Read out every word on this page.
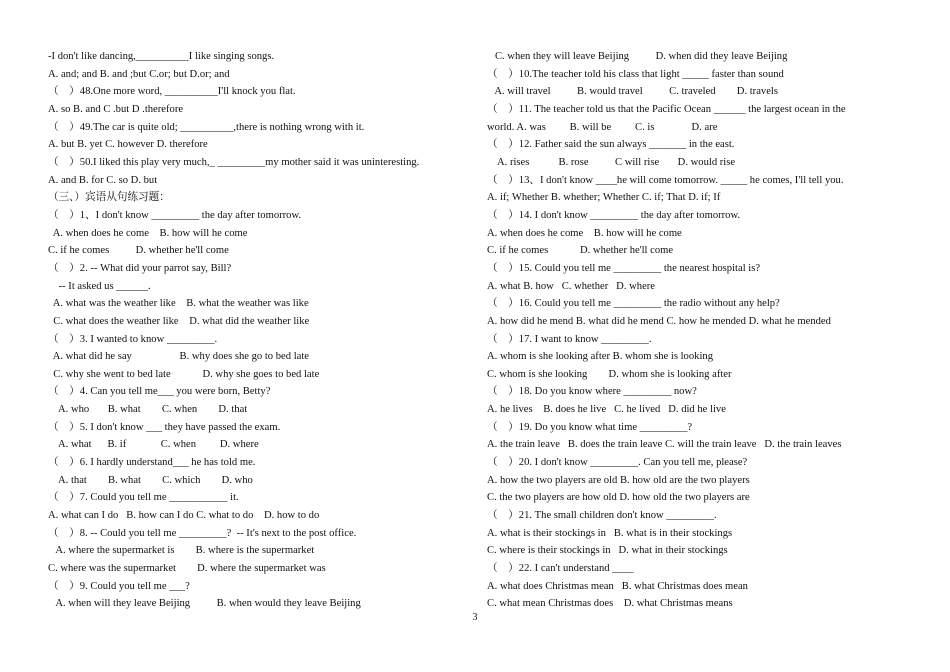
-I don't like dancing,__________I like singing songs.
A. and; and B. and ;but C.or; but D.or; and
（    ）48.One more word, __________I'll knock you flat.
A. so B. and C .but D .therefore
（    ）49.The car is quite old; __________,there is nothing wrong with it.
A. but B. yet C. however D. therefore
（    ）50.I liked this play very much,_ _________my mother said it was uninteresting.
A. and B. for C. so D. but
（三、）宾语从句练习题：
（    ）1、I don't know _________ the day after tomorrow.
A. when does he come    B. how will he come
C. if he comes          D. whether he'll come
（    ）2. -- What did your parrot say, Bill?
-- It asked us ______.
A. what was the weather like    B. what the weather was like
C. what does the weather like    D. what did the weather like
（    ）3. I wanted to know _________.
A. what did he say                  B. why does she go to bed late
C. why she went to bed late            D. why she goes to bed late
（    ）4. Can you tell me___ you were born, Betty?
A. who       B. what        C. when        D. that
（    ）5. I don't know ___ they have passed the exam.
A. what      B. if             C. when         D. where
（    ）6. I hardly understand___ he has told me.
A. that        B. what        C. which        D. who
（    ）7. Could you tell me ___________ it.
A. what can I do   B. how can I do C. what to do    D. how to do
（    ）8. -- Could you tell me _________?  -- It's next to the post office.
A. where the supermarket is        B. where is the supermarket
C. where was the supermarket        D. where the supermarket was
（    ）9. Could you tell me ___?
A. when will they leave Beijing          B. when would they leave Beijing
C. when they will leave Beijing          D. when did they leave Beijing
（    ）10.The teacher told his class that light _____ faster than sound
A. will travel          B. would travel          C. traveled        D. travels
（    ）11. The teacher told us that the Pacific Ocean ______ the largest ocean in the
world. A. was         B. will be         C. is              D. are
（    ）12. Father said the sun always _______ in the east.
A. rises           B. rose          C will rise       D. would rise
（    ）13、I don't know ____he will come tomorrow. _____ he comes, I'll tell you.
A. if; Whether B. whether; Whether C. if; That D. if; If
（    ）14. I don't know _________ the day after tomorrow.
A. when does he come    B. how will he come
C. if he comes            D. whether he'll come
（    ）15. Could you tell me _________ the nearest hospital is?
A. what B. how   C. whether   D. where
（    ）16. Could you tell me _________ the radio without any help?
A. how did he mend B. what did he mend C. how he mended D. what he mended
（    ）17. I want to know _________.
A. whom is she looking after B. whom she is looking
C. whom is she looking        D. whom she is looking after
（    ）18. Do you know where _________ now?
A. he lives    B. does he live   C. he lived   D. did he live
（    ）19. Do you know what time _________?
A. the train leave   B. does the train leave C. will the train leave   D. the train leaves
（    ）20. I don't know _________. Can you tell me, please?
A. how the two players are old B. how old are the two players
C. the two players are how old D. how old the two players are
（    ）21. The small children don't know _________.
A. what is their stockings in   B. what is in their stockings
C. where is their stockings in   D. what in their stockings
（    ）22. I can't understand ____
A. what does Christmas mean   B. what Christmas does mean
C. what mean Christmas does    D. what Christmas means
3
